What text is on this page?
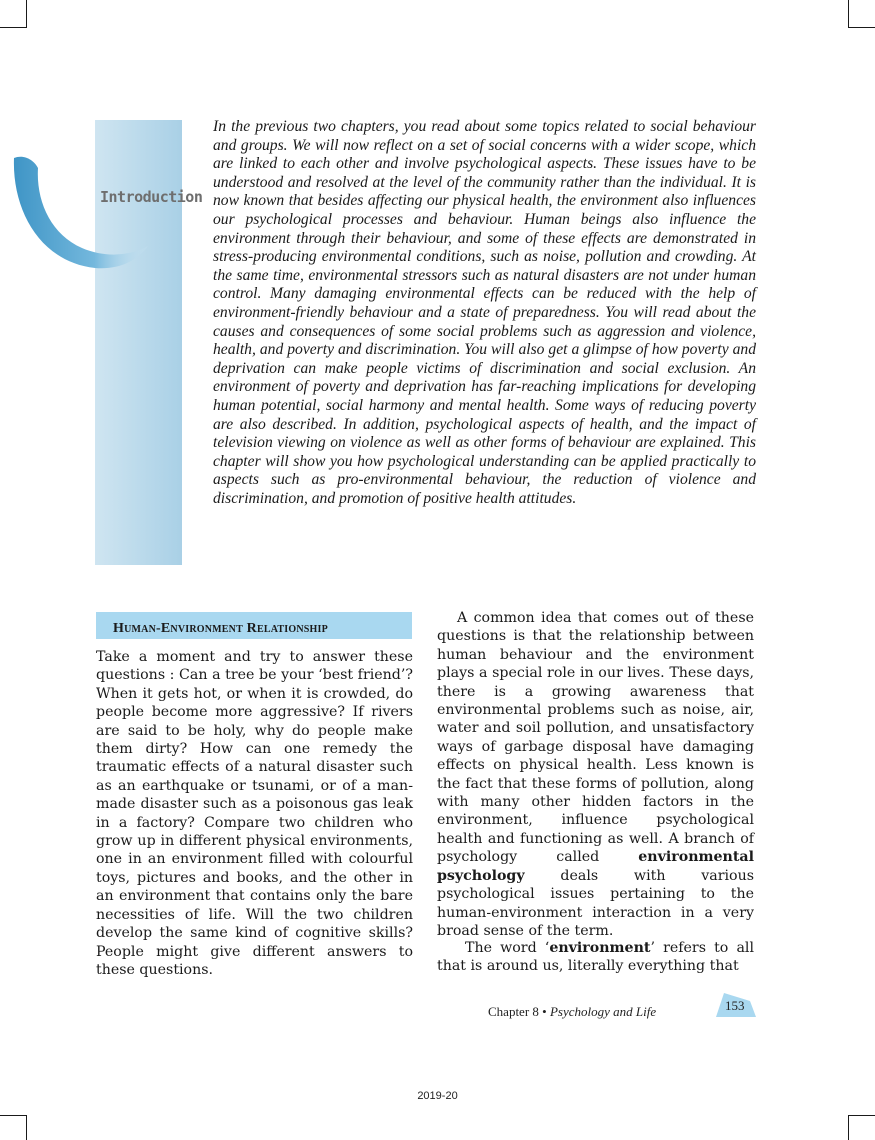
Introduction

In the previous two chapters, you read about some topics related to social behaviour and groups. We will now reflect on a set of social concerns with a wider scope, which are linked to each other and involve psychological aspects. These issues have to be understood and resolved at the level of the community rather than the individual. It is now known that besides affecting our physical health, the environment also influences our psychological processes and behaviour. Human beings also influence the environment through their behaviour, and some of these effects are demonstrated in stress-producing environmental conditions, such as noise, pollution and crowding. At the same time, environmental stressors such as natural disasters are not under human control. Many damaging environmental effects can be reduced with the help of environment-friendly behaviour and a state of preparedness. You will read about the causes and consequences of some social problems such as aggression and violence, health, and poverty and discrimination. You will also get a glimpse of how poverty and deprivation can make people victims of discrimination and social exclusion. An environment of poverty and deprivation has far-reaching implications for developing human potential, social harmony and mental health. Some ways of reducing poverty are also described. In addition, psychological aspects of health, and the impact of television viewing on violence as well as other forms of behaviour are explained. This chapter will show you how psychological understanding can be applied practically to aspects such as pro-environmental behaviour, the reduction of violence and discrimination, and promotion of positive health attitudes.

Human-Environment Relationship

Take a moment and try to answer these questions : Can a tree be your ‘best friend’? When it gets hot, or when it is crowded, do people become more aggressive? If rivers are said to be holy, why do people make them dirty? How can one remedy the traumatic effects of a natural disaster such as an earthquake or tsunami, or of a man-made disaster such as a poisonous gas leak in a factory? Compare two children who grow up in different physical environments, one in an environment filled with colourful toys, pictures and books, and the other in an environment that contains only the bare necessities of life. Will the two children develop the same kind of cognitive skills? People might give different answers to these questions.

A common idea that comes out of these questions is that the relationship between human behaviour and the environment plays a special role in our lives. These days, there is a growing awareness that environmental problems such as noise, air, water and soil pollution, and unsatisfactory ways of garbage disposal have damaging effects on physical health. Less known is the fact that these forms of pollution, along with many other hidden factors in the environment, influence psychological health and functioning as well. A branch of psychology called environmental psychology deals with various psychological issues pertaining to the human-environment interaction in a very broad sense of the term.

The word ‘environment’ refers to all that is around us, literally everything that

Chapter 8 • Psychology and Life	153
2019-20
